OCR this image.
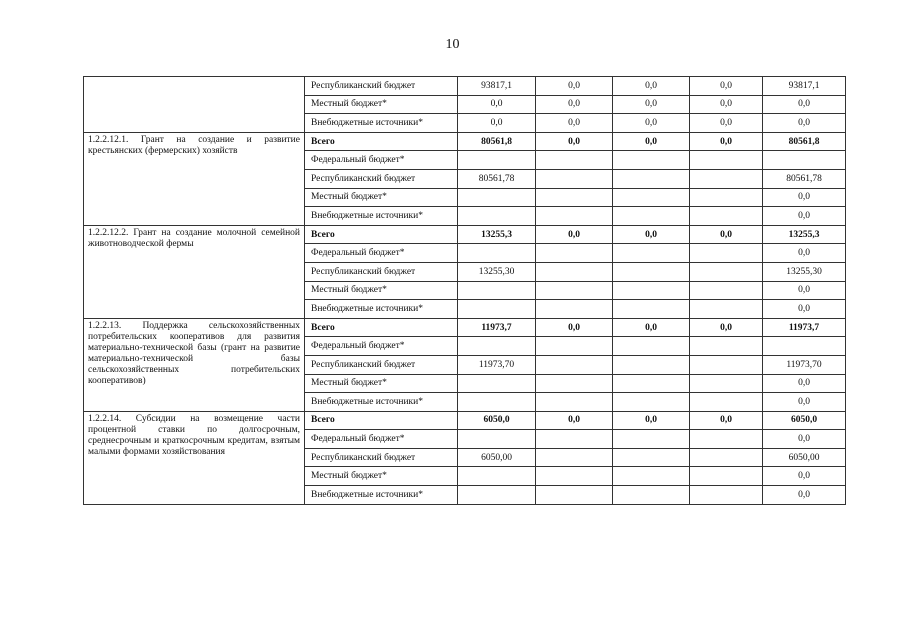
10
	Республиканский бюджет	93817,1	0,0	0,0	0,0	93817,1
	Местный бюджет*	0,0	0,0	0,0	0,0	0,0
	Внебюджетные источники*	0,0	0,0	0,0	0,0	0,0
1.2.2.12.1. Грант на создание и развитие крестьянских (фермерских) хозяйств	Всего	80561,8	0,0	0,0	0,0	80561,8
	Федеральный бюджет*					
	Республиканский бюджет	80561,78				80561,78
	Местный бюджет*					0,0
	Внебюджетные источники*					0,0
1.2.2.12.2. Грант на создание молочной семейной животноводческой фермы	Всего	13255,3	0,0	0,0	0,0	13255,3
	Федеральный бюджет*					0,0
	Республиканский бюджет	13255,30				13255,30
	Местный бюджет*					0,0
	Внебюджетные источники*					0,0
1.2.2.13. Поддержка сельскохозяйственных потребительских кооперативов для развития материально-технической базы (грант на развитие материально-технической базы сельскохозяйственных потребительских кооперативов)	Всего	11973,7	0,0	0,0	0,0	11973,7
	Федеральный бюджет*					
	Республиканский бюджет	11973,70				11973,70
	Местный бюджет*					0,0
	Внебюджетные источники*					0,0
1.2.2.14. Субсидии на возмещение части процентной ставки по долгосрочным, среднесрочным и краткосрочным кредитам, взятым малыми формами хозяйствования	Всего	6050,0	0,0	0,0	0,0	6050,0
	Федеральный бюджет*					0,0
	Республиканский бюджет	6050,00				6050,00
	Местный бюджет*					0,0
	Внебюджетные источники*					0,0
